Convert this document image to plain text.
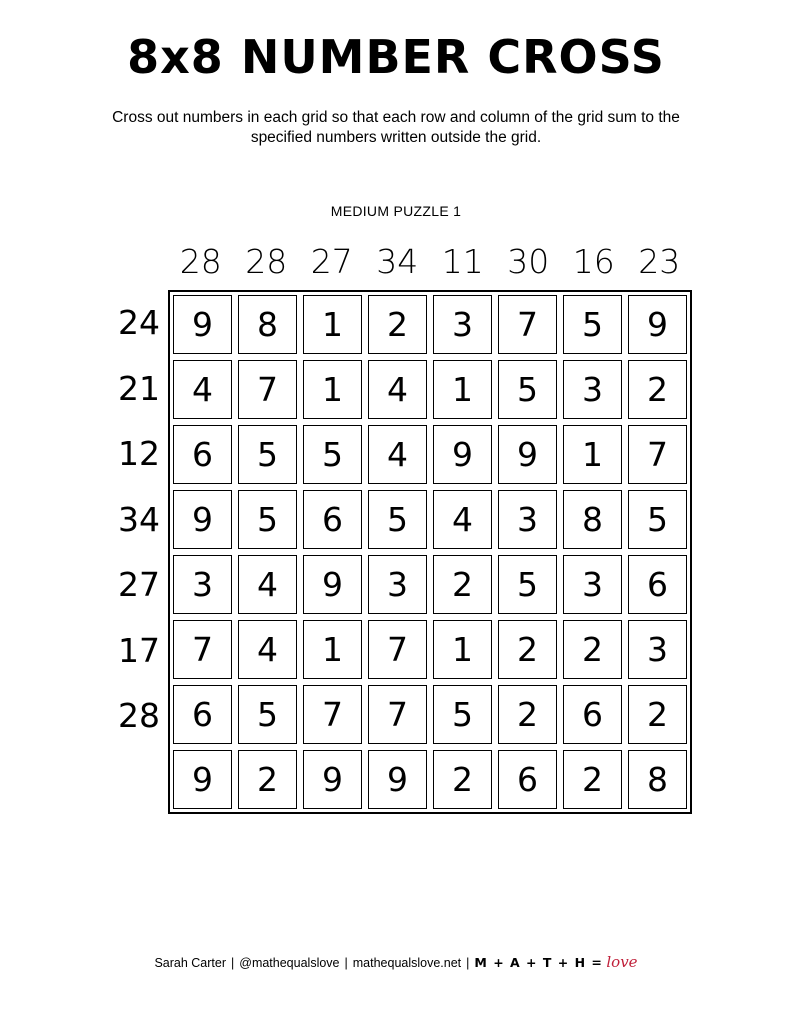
8x8 NUMBER CROSS
Cross out numbers in each grid so that each row and column of the grid sum to the specified numbers written outside the grid.
MEDIUM PUZZLE 1
28 28 27 34 11 30 16 23
24
21
12
34
27
17
28
9	8	1	2	3	7	5	9
4	7	1	4	1	5	3	2
6	5	5	4	9	9	1	7
9	5	6	5	4	3	8	5
3	4	9	3	2	5	3	6
7	4	1	7	1	2	2	3
6	5	7	7	5	2	6	2
9	2	9	9	2	6	2	8
Sarah Carter | @mathequalslove | mathequalslove.net | M + A + T + H = love
